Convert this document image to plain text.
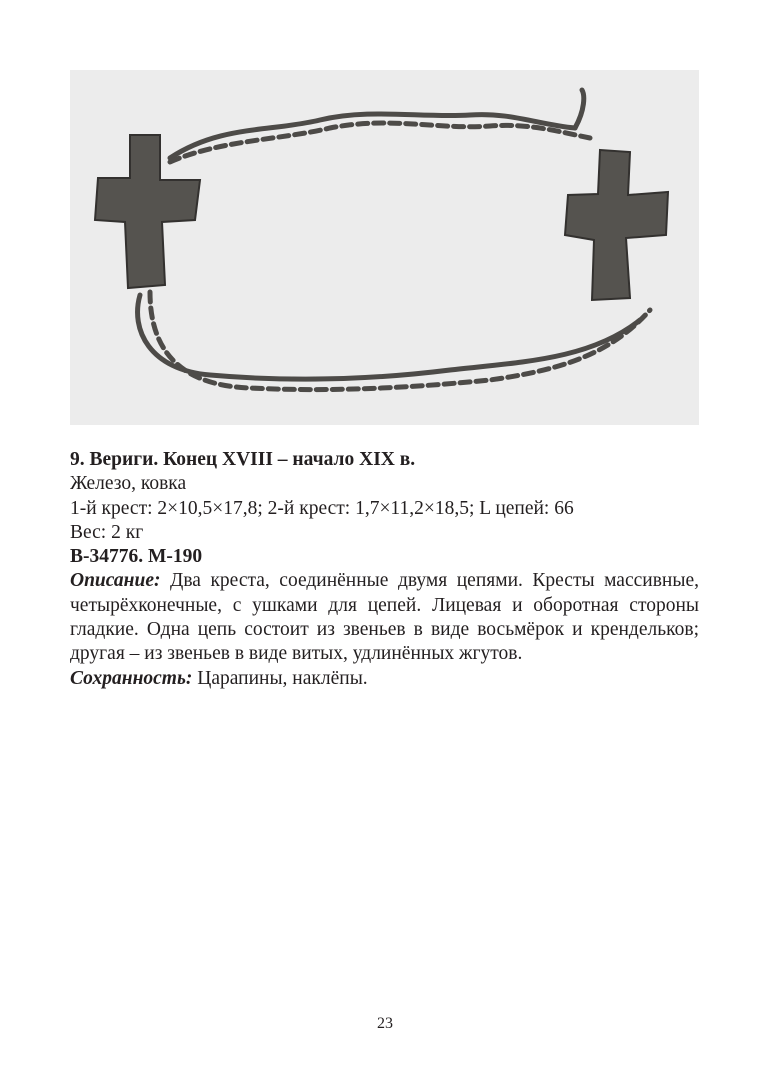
9. Вериги. Конец XVIII – начало XIX в.

Железо, ковка

1-й крест: 2×10,5×17,8; 2-й крест: 1,7×11,2×18,5; L цепей: 66

Вес: 2 кг

В-34776. М-190

Описание: Два креста, соединённые двумя цепями. Кресты массивные, четырёхконечные, с ушками для цепей. Лицевая и оборотная стороны гладкие. Одна цепь состоит из звеньев в виде восьмёрок и крендельков; другая – из звеньев в виде витых, удлинённых жгутов.

Сохранность: Царапины, наклёпы.

23
